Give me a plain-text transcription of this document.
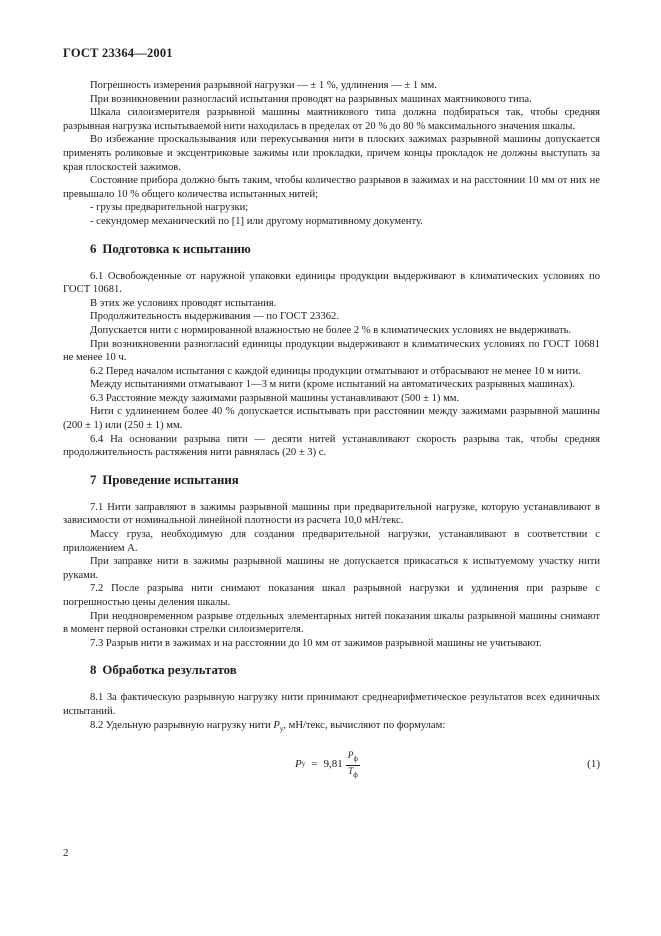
ГОСТ 23364—2001

Погрешность измерения разрывной нагрузки — ± 1 %, удлинения — ± 1 мм.

При возникновении разногласий испытания проводят на разрывных машинах маятникового типа.

Шкала силоизмерителя разрывной машины маятникового типа должна подбираться так, чтобы средняя разрывная нагрузка испытываемой нити находилась в пределах от 20 % до 80 % максимального значения шкалы.

Во избежание проскальзывания или перекусывания нити в плоских зажимах разрывной машины допускается применять роликовые и эксцентриковые зажимы или прокладки, причем концы прокладок не должны выступать за края плоскостей зажимов.

Состояние прибора должно быть таким, чтобы количество разрывов в зажимах и на расстоянии 10 мм от них не превышало 10 % общего количества испытанных нитей;

- грузы предварительной нагрузки;

- секундомер механический по [1] или другому нормативному документу.

6 Подготовка к испытанию

6.1 Освобожденные от наружной упаковки единицы продукции выдерживают в климатических условиях по ГОСТ 10681.

В этих же условиях проводят испытания.

Продолжительность выдерживания — по ГОСТ 23362.

Допускается нити с нормированной влажностью не более 2 % в климатических условиях не выдерживать.

При возникновении разногласий единицы продукции выдерживают в климатических условиях по ГОСТ 10681 не менее 10 ч.

6.2 Перед началом испытания с каждой единицы продукции отматывают и отбрасывают не менее 10 м нити.

Между испытаниями отматывают 1—3 м нити (кроме испытаний на автоматических разрывных машинах).

6.3 Расстояние между зажимами разрывной машины устанавливают (500 ± 1) мм.

Нити с удлинением более 40 % допускается испытывать при расстоянии между зажимами разрывной машины (200 ± 1) или (250 ± 1) мм.

6.4 На основании разрыва пяти — десяти нитей устанавливают скорость разрыва так, чтобы средняя продолжительность растяжения нити равнялась (20 ± 3) с.

7 Проведение испытания

7.1 Нити заправляют в зажимы разрывной машины при предварительной нагрузке, которую устанавливают в зависимости от номинальной линейной плотности из расчета 10,0 мН/текс.

Массу груза, необходимую для создания предварительной нагрузки, устанавливают в соответствии с приложением А.

При заправке нити в зажимы разрывной машины не допускается прикасаться к испытуемому участку нити руками.

7.2 После разрыва нити снимают показания шкал разрывной нагрузки и удлинения при разрыве с погрешностью цены деления шкалы.

При неодновременном разрыве отдельных элементарных нитей показания шкалы разрывной машины снимают в момент первой остановки стрелки силоизмерителя.

7.3 Разрыв нити в зажимах и на расстоянии до 10 мм от зажимов разрывной машины не учитывают.

8 Обработка результатов

8.1 За фактическую разрывную нагрузку нити принимают среднеарифметическое результатов всех единичных испытаний.

8.2 Удельную разрывную нагрузку нити $P_у$, мН/текс, вычисляют по формулам:

P $у = 9,81 \frac{P_ф}{T_ф}$	(1)
2
